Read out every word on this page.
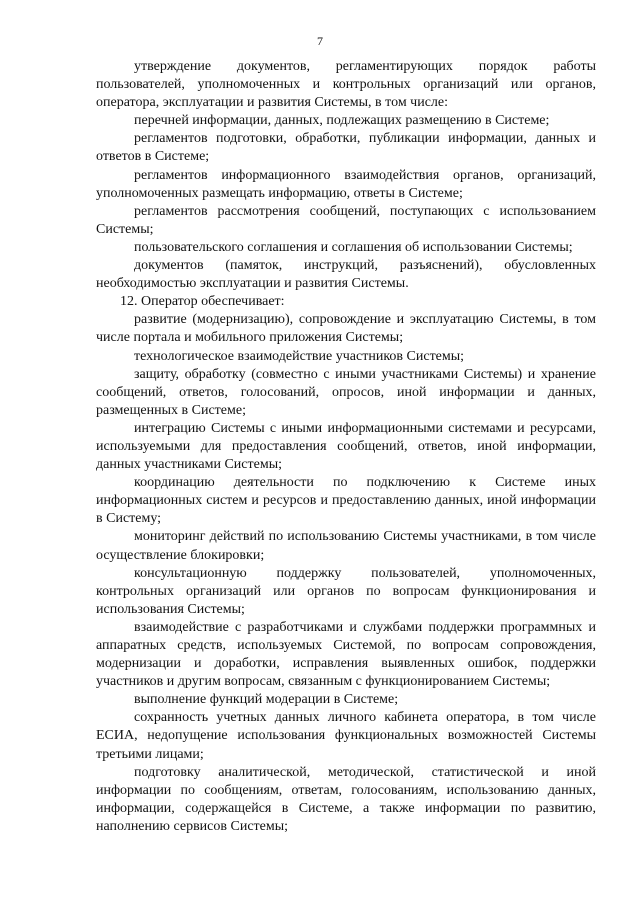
7

утверждение документов, регламентирующих порядок работы пользователей, уполномоченных и контрольных организаций или органов, оператора, эксплуатации и развития Системы, в том числе:

перечней информации, данных, подлежащих размещению в Системе;

регламентов подготовки, обработки, публикации информации, данных и ответов в Системе;

регламентов информационного взаимодействия органов, организаций, уполномоченных размещать информацию, ответы в Системе;

регламентов рассмотрения сообщений, поступающих с использованием Системы;

пользовательского соглашения и соглашения об использовании Системы;

документов (памяток, инструкций, разъяснений), обусловленных необходимостью эксплуатации и развития Системы.

12. Оператор обеспечивает:

развитие (модернизацию), сопровождение и эксплуатацию Системы, в том числе портала и мобильного приложения Системы;

технологическое взаимодействие участников Системы;

защиту, обработку (совместно с иными участниками Системы) и хранение сообщений, ответов, голосований, опросов, иной информации и данных, размещенных в Системе;

интеграцию Системы с иными информационными системами и ресурсами, используемыми для предоставления сообщений, ответов, иной информации, данных участниками Системы;

координацию деятельности по подключению к Системе иных информационных систем и ресурсов и предоставлению данных, иной информации в Систему;

мониторинг действий по использованию Системы участниками, в том числе осуществление блокировки;

консультационную поддержку пользователей, уполномоченных, контрольных организаций или органов по вопросам функционирования и использования Системы;

взаимодействие с разработчиками и службами поддержки программных и аппаратных средств, используемых Системой, по вопросам сопровождения, модернизации и доработки, исправления выявленных ошибок, поддержки участников и другим вопросам, связанным с функционированием Системы;

выполнение функций модерации в Системе;

сохранность учетных данных личного кабинета оператора, в том числе ЕСИА, недопущение использования функциональных возможностей Системы третьими лицами;

подготовку аналитической, методической, статистической и иной информации по сообщениям, ответам, голосованиям, использованию данных, информации, содержащейся в Системе, а также информации по развитию, наполнению сервисов Системы;
